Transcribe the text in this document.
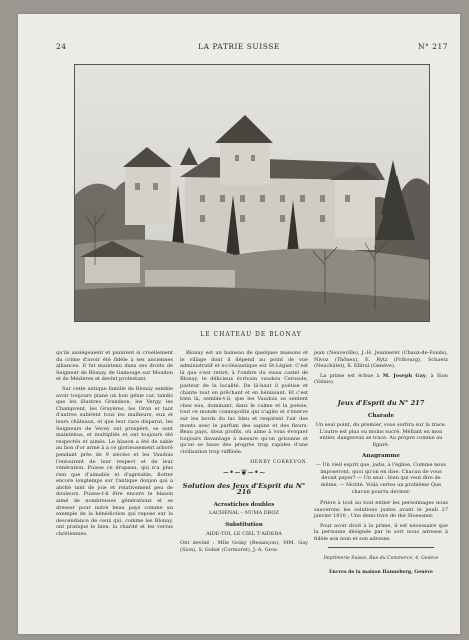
24	LA PATRIE SUISSE	N° 217
LE CHATEAU DE BLONAY

qu'ils assiégeaient et punirent si cruellement du crime d'avoir été fidèle à ses anciennes alliances. Il fut maintenu dans ses droits de Seigneur de Blonay, de Gamouge sur Moudon et de Mézières et devint protestant.

Sur cette antique famille de Blonay semble avoir toujours plané un bon génie car, tandis que les illustres Grandson, les Vergy, les Champvent, les Gruyères, les Oron et tant d'autres subirent tous les malheurs, eux et leurs châteaux, et que leur race disparut, les Seigneurs de Vevey ont prospéré, se sont maintenus, et multipliés et ont toujours été respectés et aimés. Le blason a été de sable au lion d'or armé à a ce glorieusement arboré pendant près de 9 siècles et les Vaudois l'entourent de leur respect et de leur vénération. Puisse ce drapeau, qui n'a plus rien que d'aimable et d'agréable, flotter encore longtemps sur l'antique donjon qui a abrité tant de joie et relativement peu de douleurs. Puisse-t-il être encore le blason aimé de nombreuses générations et se dresser pour notre beau pays comme un exemple de la bénédiction qui repose sur la descendance de ceux qui, comme les Blonay, ont pratiqué le bien, la charité et les vertus chrétiennes.

Blonay est un hameau de quelques maisons et le village dont il dépend au point de vue administratif et ecclésiastique est St-Légier. C'est là que s'est retiré, à l'ombre du vieux castel de Blonay, le délicieux écrivain vaudois Cerosole, pasteur de la localité. De là-haut il poétise et chante tout en prêchant et en bénissant. Et c'est bien là, semble-t-il, que les Vaudois se sentent chez eux, dominant, dans le calme et la poésie, tout ce monde cosmopolite qui s'agite et s'énerve sur les bords du lac bleu et respirent l'air des monts avec le parfum des sapins et des fleurs. Beau pays, doux profils, où aime à vous évoquer toujours davantage à mesure qu'on grisonne et qu'on se lasse des progrès trop rapides d'une civilisation trop raffinée.

HENRY CORREVON.
~•~❦~•~
Solution des Jeux d'Esprit du N° 216
Acrostiches doubles
LACHENAL – NUMA DROZ
Substitution
AIDE-TOI, LE CIEL T'AIDERA

Ont deviné : Mlle Golay (Besançon), MM. Gay (Sion), S. Gobat (Cormoret), J.-A. Gros-

jean (Neuveville), J.-H. Jeanneret (Chaux-de-Fonds), Nivoz (Thônex), E. Rytz (Fribourg), Schaetz (Neuchâtel), X. Elliral (Genève).

La prime est échue à M. Joseph Gay, à Sion (Valais).

Jeux d'Esprit du N° 217
Charade
Un seul point, du premier, vous sortira sur la trace. L'autre est plus ou moins sucré. Méfiant en mon entier, dangereux se trace. Au propre comme au figuré.
Anagramme
— Un vieil esprit que, jadis, à l'église, Comme nous imposeront, quoi qu'on en dise. Chacun de vous devait payer? — Un seul : bien qui veut dire de même, — Motité. Voilà certes un problème Que chacun pourra deviner.

Prière à tout au tout entier les personnages nous sauverons les solutions justes avant le jeudi 27 janvier 1910 ; Une demi-livre de thé Stoessner.

Pour avoir droit à la prime, il est nécessaire que la personne désignée par le sort nous adresse à fidèle son nom et son adresse.

Imprimerie Suisse, Rue du Commerce, 4, Genève
Encres de la maison Hanneberg, Genève
